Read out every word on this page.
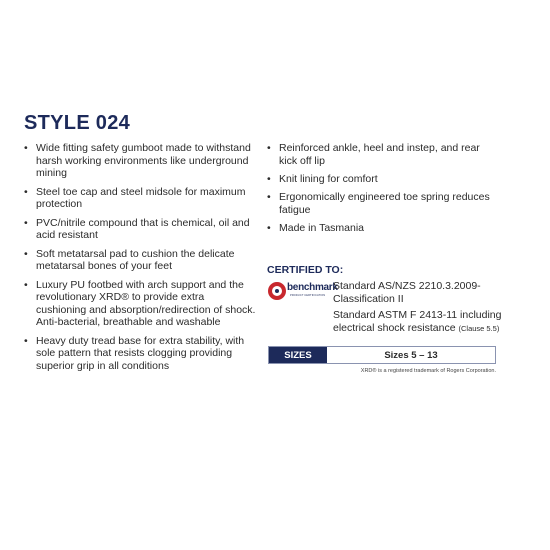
STYLE 024
• Wide fitting safety gumboot made to withstand harsh working environments like underground mining
• Steel toe cap and steel midsole for maximum protection
• PVC/nitrile compound that is chemical, oil and acid resistant
• Soft metatarsal pad to cushion the delicate metatarsal bones of your feet
• Luxury PU footbed with arch support and the revolutionary XRD® to provide extra cushioning and absorption/redirection of shock. Anti-bacterial, breathable and washable
• Heavy duty tread base for extra stability, with sole pattern that resists clogging providing superior grip in all conditions
• Reinforced ankle, heel and instep, and rear kick off lip
• Knit lining for comfort
• Ergonomically engineered toe spring reduces fatigue
• Made in Tasmania
CERTIFIED TO:
benchmark
PRODUCT CERTIFICATION
Standard AS/NZS 2210.3.2009-Classification II
Standard ASTM F 2413-11 including electrical shock resistance (Clause 5.5)
SIZES	Sizes 5 – 13
XRD® is a registered trademark of Rogers Corporation.
